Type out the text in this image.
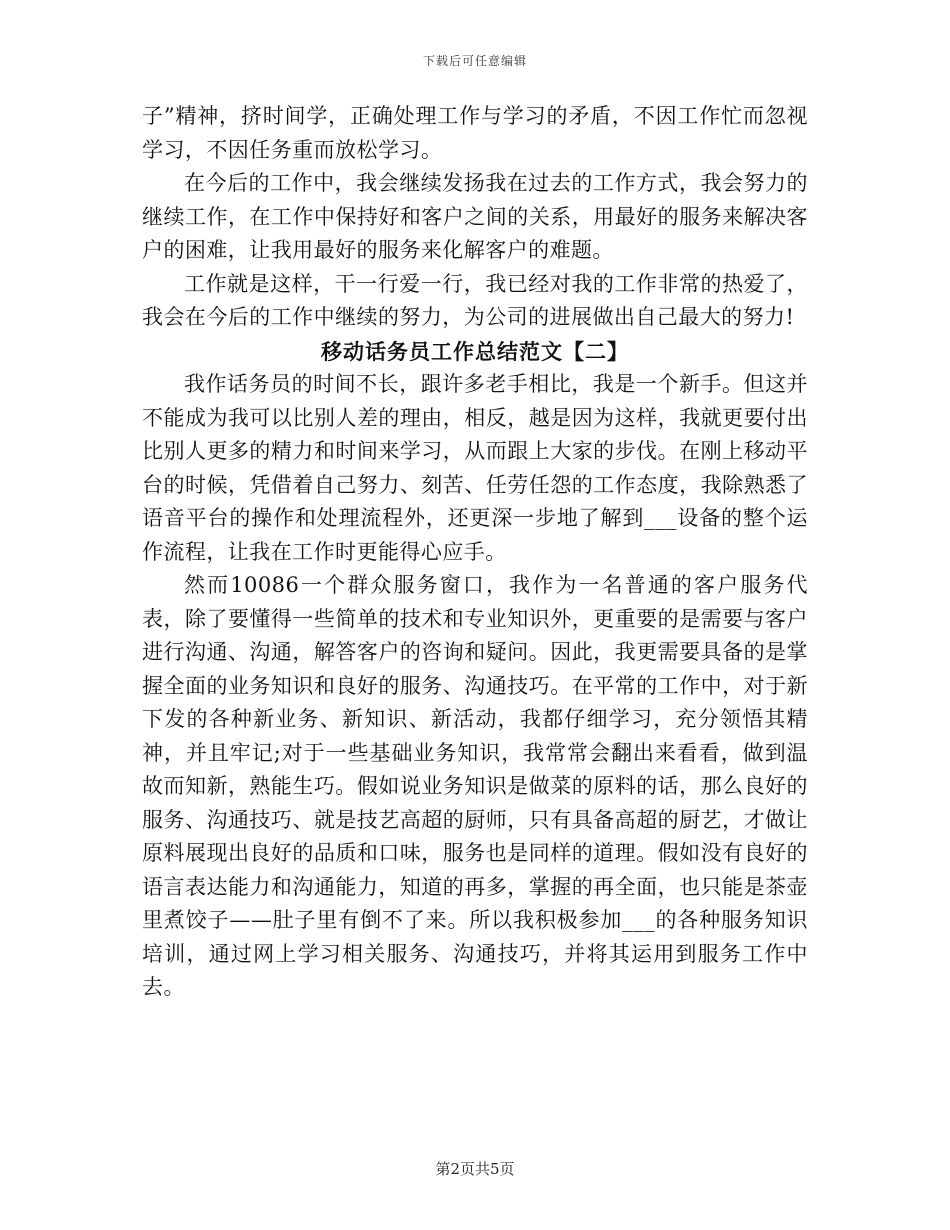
下载后可任意编辑

子”精神，挤时间学，正确处理工作与学习的矛盾，不因工作忙而忽视学习，不因任务重而放松学习。

在今后的工作中，我会继续发扬我在过去的工作方式，我会努力的继续工作，在工作中保持好和客户之间的关系，用最好的服务来解决客户的困难，让我用最好的服务来化解客户的难题。

工作就是这样，干一行爱一行，我已经对我的工作非常的热爱了，我会在今后的工作中继续的努力，为公司的进展做出自己最大的努力!

移动话务员工作总结范文【二】

我作话务员的时间不长，跟许多老手相比，我是一个新手。但这并不能成为我可以比别人差的理由，相反，越是因为这样，我就更要付出比别人更多的精力和时间来学习，从而跟上大家的步伐。在刚上移动平台的时候，凭借着自己努力、刻苦、任劳任怨的工作态度，我除熟悉了语音平台的操作和处理流程外，还更深一步地了解到___设备的整个运作流程，让我在工作时更能得心应手。

然而10086一个群众服务窗口，我作为一名普通的客户服务代表，除了要懂得一些简单的技术和专业知识外，更重要的是需要与客户进行沟通、沟通，解答客户的咨询和疑问。因此，我更需要具备的是掌握全面的业务知识和良好的服务、沟通技巧。在平常的工作中，对于新下发的各种新业务、新知识、新活动，我都仔细学习，充分领悟其精神，并且牢记;对于一些基础业务知识，我常常会翻出来看看，做到温故而知新，熟能生巧。假如说业务知识是做菜的原料的话，那么良好的服务、沟通技巧、就是技艺高超的厨师，只有具备高超的厨艺，才做让原料展现出良好的品质和口味，服务也是同样的道理。假如没有良好的语言表达能力和沟通能力，知道的再多，掌握的再全面，也只能是茶壶里煮饺子——肚子里有倒不了来。所以我积极参加___的各种服务知识培训，通过网上学习相关服务、沟通技巧，并将其运用到服务工作中去。

第2页共5页
